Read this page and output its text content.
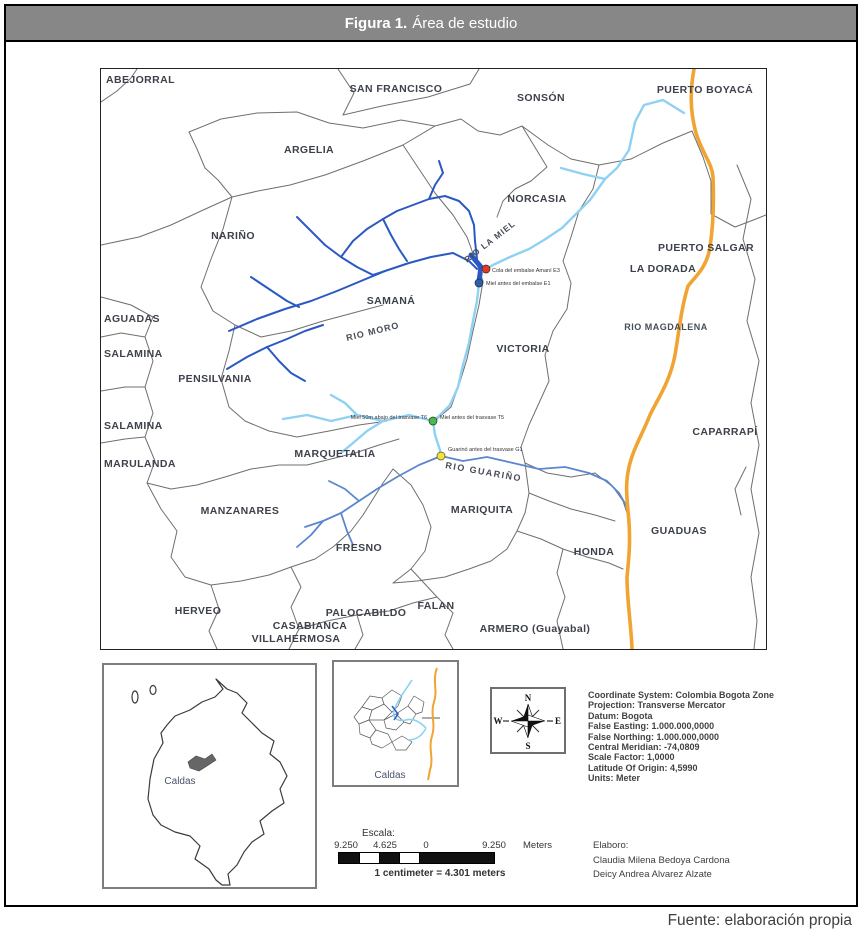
Figura 1. Área de estudio
ABEJORRAL
SAN FRANCISCO
SONSÓN
PUERTO BOYACÁ
ARGELIA
NARIÑO
NORCASIA
PUERTO SALGAR
LA DORADA
SAMANÁ
VICTORIA
AGUADAS
SALAMINA
PENSILVANIA
SALAMINA
MARULANDA
MARQUETALIA
CAPARRAPÍ
MANZANARES	MARIQUITA
FRESNO	HONDA
GUADUAS
HERVEO	PALOCABILDO
FALAN
CASABIANCA
VILLAHERMOSA
ARMERO (Guayabal)
RIO LA MIEL
RIO MORO
RIO GUARIÑO
RIO MAGDALENA
Cola del embalse Amaní E3
Miel antes del embalse E1
Miel 50m abajo del trasvase T6 Miel antes del trasvase T5
Guarinó antes del trasvase G1
Caldas
Caldas
N
S
W	E
Coordinate System: Colombia Bogota Zone
Projection: Transverse Mercator
Datum: Bogota
False Easting: 1.000.000,0000
False Northing: 1.000.000,0000
Central Meridian: -74,0809
Scale Factor: 1,0000
Latitude Of Origin: 4,5990
Units: Meter
Escala:
9.250 4.625	0	9.250 Meters
1 centimeter = 4.301 meters
Elaboro:
Claudia Milena Bedoya Cardona
Deicy Andrea Alvarez Alzate
Fuente: elaboración propia
